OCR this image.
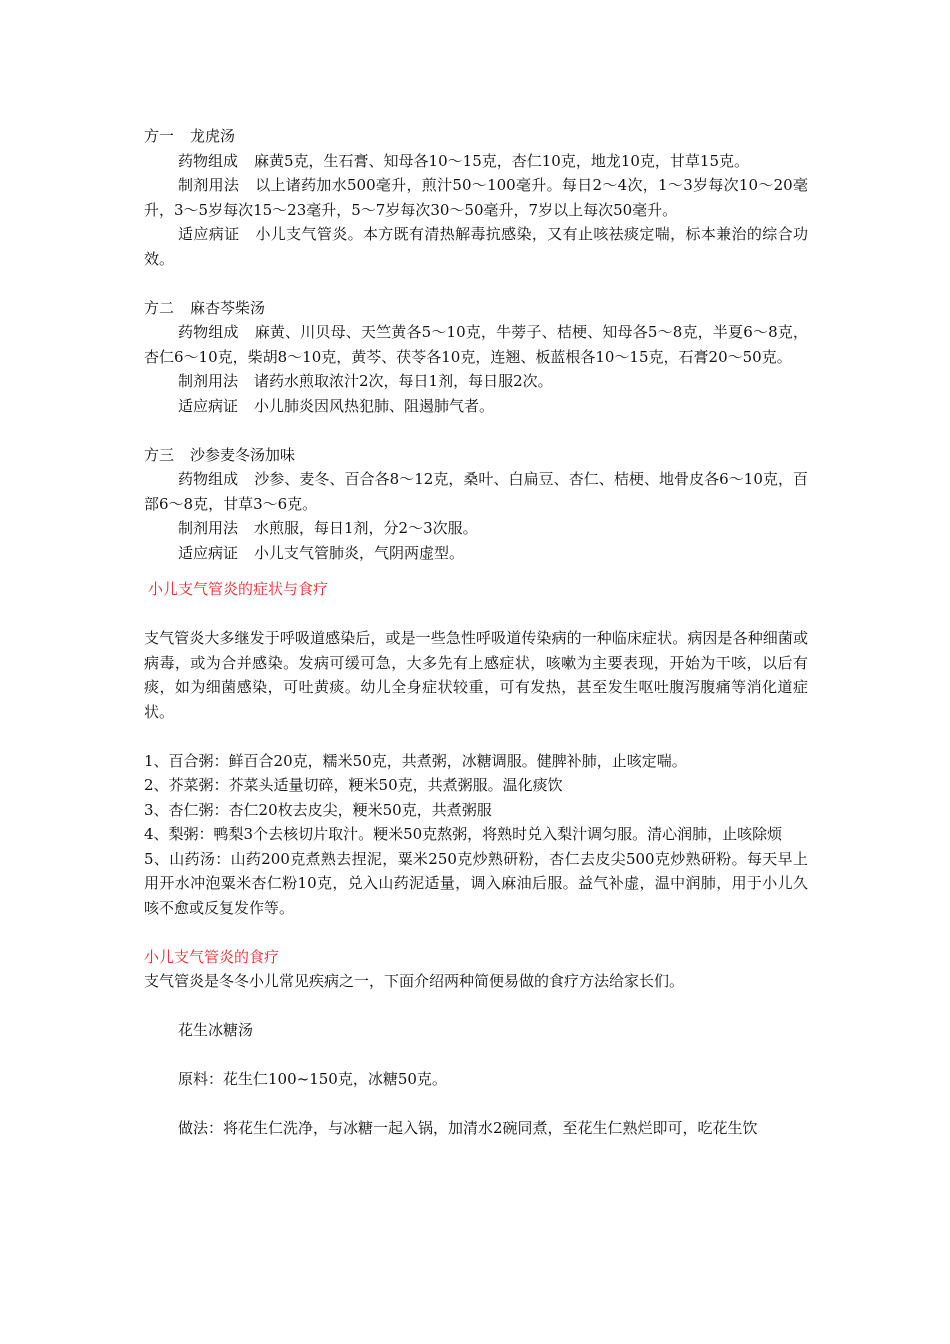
方一 龙虎汤

药物组成 麻黄5克，生石膏、知母各10～15克，杏仁10克，地龙10克，甘草15克。

制剂用法 以上诸药加水500毫升，煎汁50～100毫升。每日2～4次，1～3岁每次10～20毫升，3～5岁每次15～23毫升，5～7岁每次30～50毫升，7岁以上每次50毫升。

适应病证 小儿支气管炎。本方既有清热解毒抗感染，又有止咳祛痰定喘，标本兼治的综合功效。

方二 麻杏芩柴汤

药物组成 麻黄、川贝母、天竺黄各5～10克，牛蒡子、桔梗、知母各5～8克，半夏6～8克，杏仁6～10克，柴胡8～10克，黄芩、茯苓各10克，连翘、板蓝根各10～15克，石膏20～50克。

制剂用法 诸药水煎取浓汁2次，每日1剂，每日服2次。

适应病证 小儿肺炎因风热犯肺、阻遏肺气者。

方三 沙参麦冬汤加味

药物组成 沙参、麦冬、百合各8～12克，桑叶、白扁豆、杏仁、桔梗、地骨皮各6～10克，百部6～8克，甘草3～6克。

制剂用法 水煎服，每日1剂，分2～3次服。

适应病证 小儿支气管肺炎，气阴两虚型。

小儿支气管炎的症状与食疗

支气管炎大多继发于呼吸道感染后，或是一些急性呼吸道传染病的一种临床症状。病因是各种细菌或病毒，或为合并感染。发病可缓可急，大多先有上感症状，咳嗽为主要表现，开始为干咳，以后有痰，如为细菌感染，可吐黄痰。幼儿全身症状较重，可有发热，甚至发生呕吐腹泻腹痛等消化道症状。

1、百合粥：鲜百合20克，糯米50克，共煮粥，冰糖调服。健脾补肺，止咳定喘。

2、芥菜粥：芥菜头适量切碎，粳米50克，共煮粥服。温化痰饮

3、杏仁粥：杏仁20枚去皮尖，粳米50克，共煮粥服

4、梨粥：鸭梨3个去核切片取汁。粳米50克熬粥，将熟时兑入梨汁调匀服。清心润肺，止咳除烦

5、山药汤：山药200克煮熟去捏泥，粟米250克炒熟研粉，杏仁去皮尖500克炒熟研粉。每天早上用开水冲泡粟米杏仁粉10克，兑入山药泥适量，调入麻油后服。益气补虚，温中润肺，用于小儿久咳不愈或反复发作等。

小儿支气管炎的食疗

支气管炎是冬冬小儿常见疾病之一，下面介绍两种简便易做的食疗方法给家长们。

花生冰糖汤

原料：花生仁100~150克，冰糖50克。

做法：将花生仁洗净，与冰糖一起入锅，加清水2碗同煮，至花生仁熟烂即可，吃花生饮
